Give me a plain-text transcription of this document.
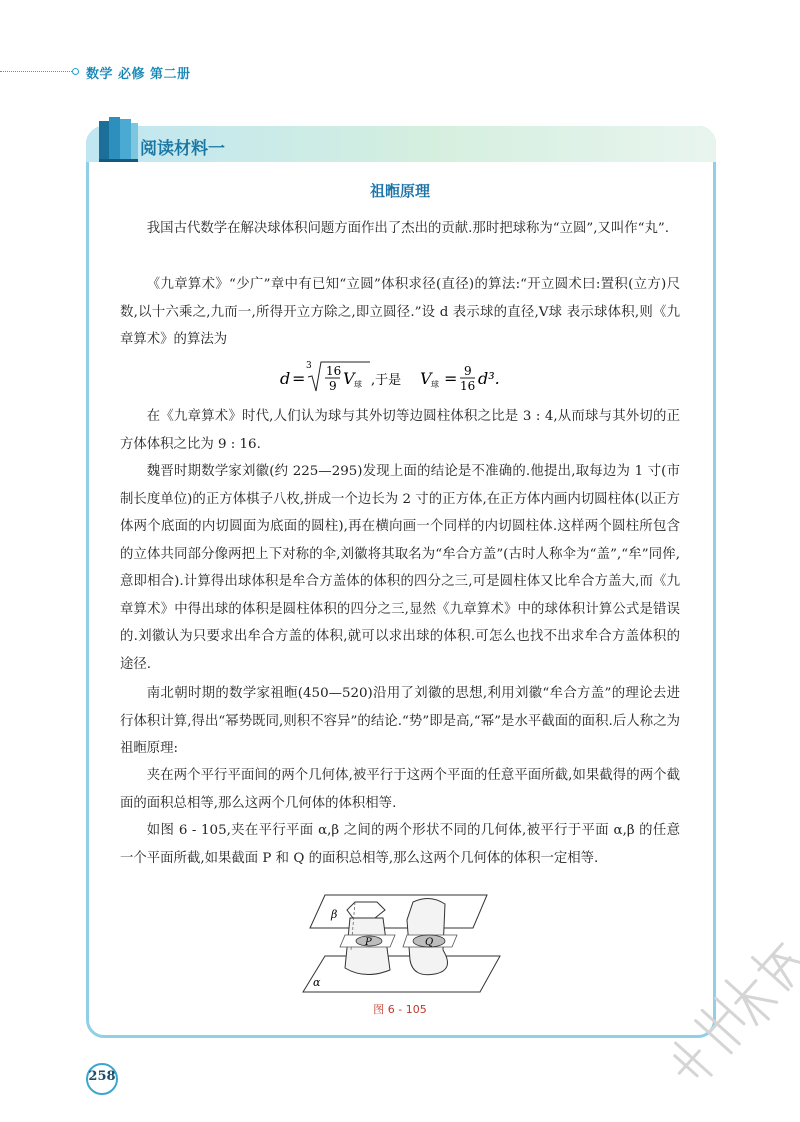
数学 必修 第二册
阅读材料一
祖暅原理

我国古代数学在解决球体积问题方面作出了杰出的贡献.那时把球称为“立圆”,又叫作“丸”.

《九章算术》“少广”章中有已知“立圆”体积求径(直径)的算法:“开立圆术曰:置积(立方)尺数,以十六乘之,九而一,所得开立方除之,即立圆径.”设 d 表示球的直径,V球 表示球体积,则《九章算术》的算法为

d =
3 16
9 V 球 ,于是 V 球 = 9
16 d³.

在《九章算术》时代,人们认为球与其外切等边圆柱体积之比是 3 : 4,从而球与其外切的正方体体积之比为 9 : 16.

魏晋时期数学家刘徽(约 225—295)发现上面的结论是不准确的.他提出,取每边为 1 寸(市制长度单位)的正方体棋子八枚,拼成一个边长为 2 寸的正方体,在正方体内画内切圆柱体(以正方体两个底面的内切圆面为底面的圆柱),再在横向画一个同样的内切圆柱体.这样两个圆柱所包含的立体共同部分像两把上下对称的伞,刘徽将其取名为“牟合方盖”(古时人称伞为“盖”,“牟”同侔,意即相合).计算得出球体积是牟合方盖体的体积的四分之三,可是圆柱体又比牟合方盖大,而《九章算术》中得出球的体积是圆柱体积的四分之三,显然《九章算术》中的球体积计算公式是错误的.刘徽认为只要求出牟合方盖的体积,就可以求出球的体积.可怎么也找不出求牟合方盖体积的途径.

南北朝时期的数学家祖暅(450—520)沿用了刘徽的思想,利用刘徽“牟合方盖”的理论去进行体积计算,得出“幂势既同,则积不容异”的结论.“势”即是高,“幂”是水平截面的面积.后人称之为祖暅原理:

夹在两个平行平面间的两个几何体,被平行于这两个平面的任意平面所截,如果截得的两个截面的面积总相等,那么这两个几何体的体积相等.

如图 6 - 105,夹在平行平面 α,β 之间的两个形状不同的几何体,被平行于平面 α,β 的任意一个平面所截,如果截面 P 和 Q 的面积总相等,那么这两个几何体的体积一定相等.

β
α
P	Q
图 6 - 105
258
